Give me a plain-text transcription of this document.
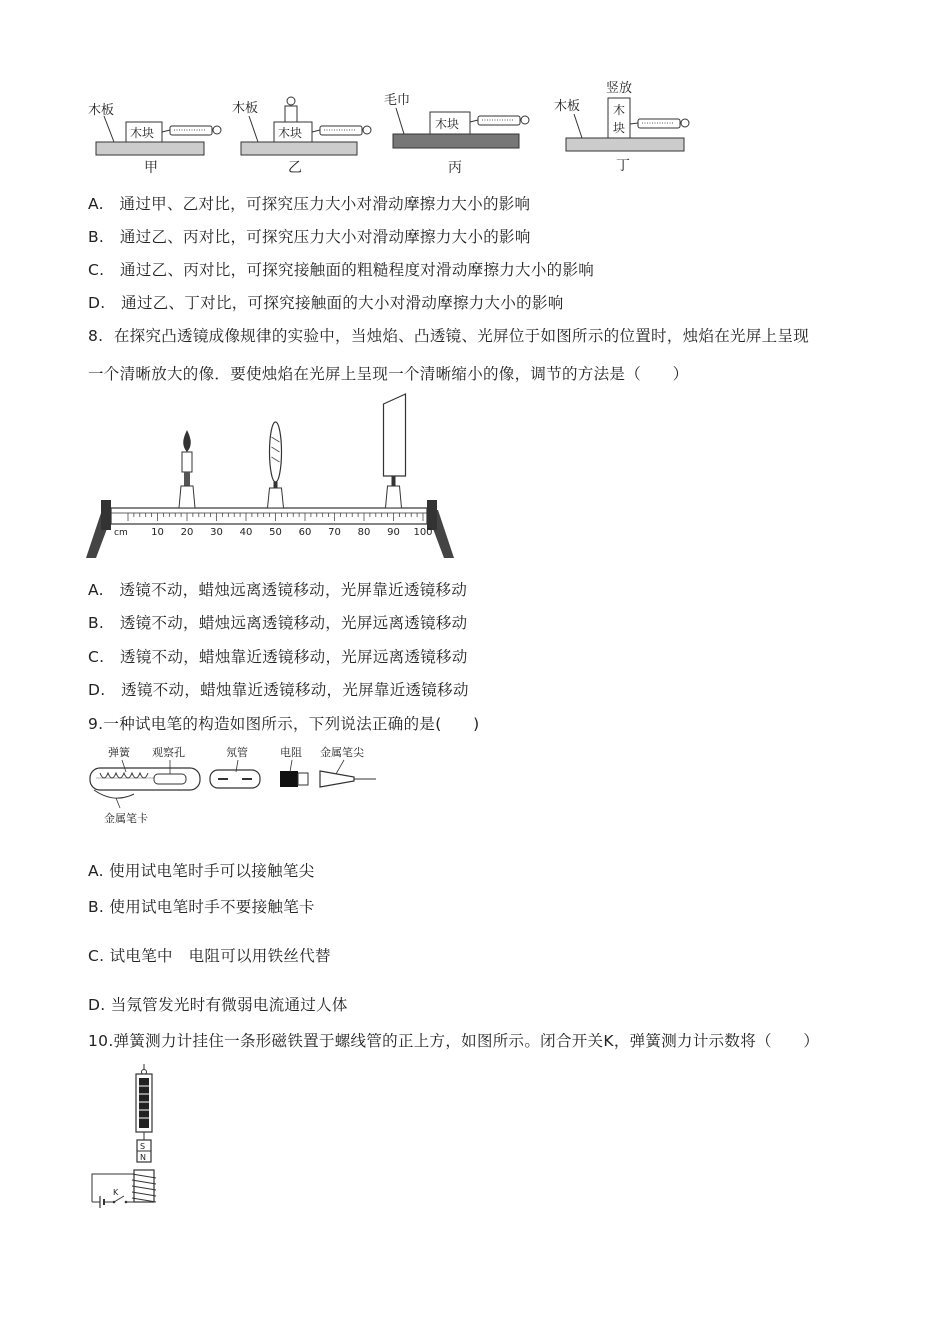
木板
木块
甲
木板
木块
乙
毛巾
木块
丙
木板
竖放
木
块
丁
A. 通过甲、乙对比，可探究压力大小对滑动摩擦力大小的影响
B. 通过乙、丙对比，可探究压力大小对滑动摩擦力大小的影响
C. 通过乙、丙对比，可探究接触面的粗糙程度对滑动摩擦力大小的影响
D. 通过乙、丁对比，可探究接触面的大小对滑动摩擦力大小的影响
8. 在探究凸透镜成像规律的实验中，当烛焰、凸透镜、光屏位于如图所示的位置时，烛焰在光屏上呈现
一个清晰放大的像．要使烛焰在光屏上呈现一个清晰缩小的像，调节的方法是（　　）
cm 10 20 30 40 50 60 70 80 90 100
A. 透镜不动，蜡烛远离透镜移动，光屏靠近透镜移动
B. 透镜不动，蜡烛远离透镜移动，光屏远离透镜移动
C. 透镜不动，蜡烛靠近透镜移动，光屏远离透镜移动
D. 透镜不动，蜡烛靠近透镜移动，光屏靠近透镜移动
9.一种试电笔的构造如图所示，下列说法正确的是(　　)
弹簧 观察孔	氖管	电阻 金属笔尖
金属笔卡
A. 使用试电笔时手可以接触笔尖
B. 使用试电笔时手不要接触笔卡
C. 试电笔中　电阻可以用铁丝代替
D. 当氖管发光时有微弱电流通过人体
10.弹簧测力计挂住一条形磁铁置于螺线管的正上方，如图所示。闭合开关K，弹簧测力计示数将（　　）
S
N
K
